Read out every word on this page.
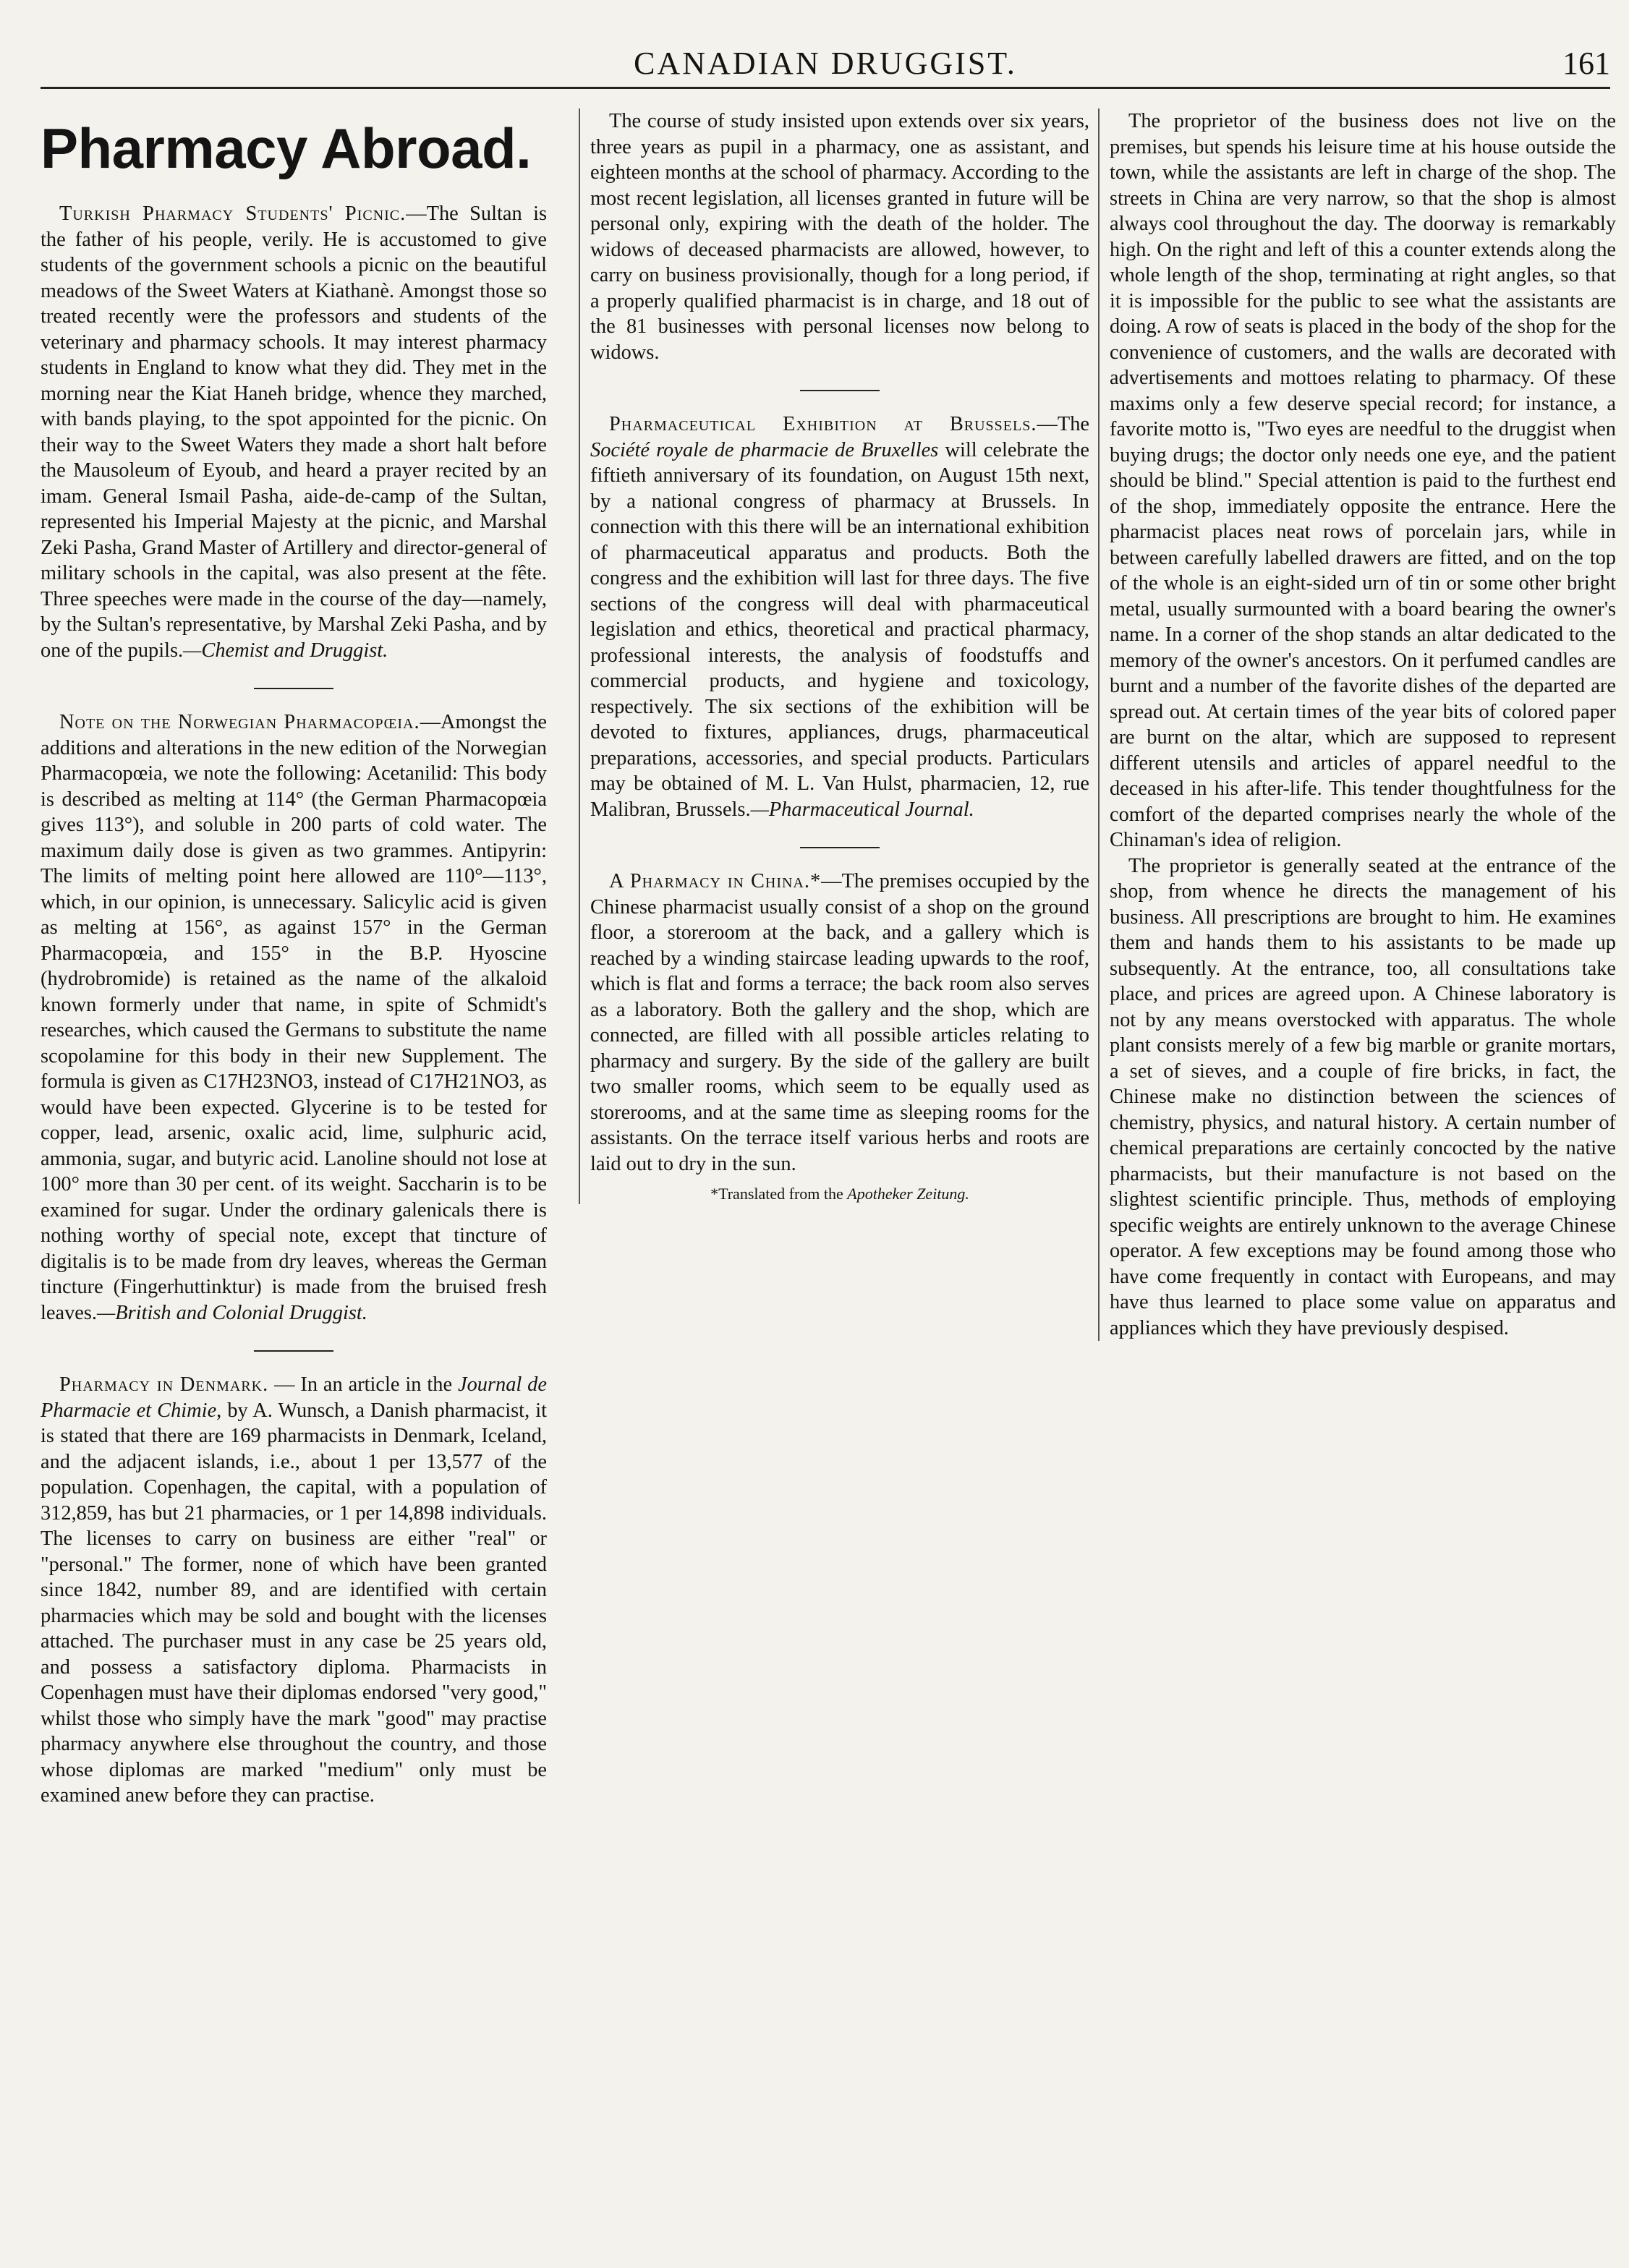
CANADIAN DRUGGIST.	161
Pharmacy Abroad.

Turkish Pharmacy Students' Picnic.—The Sultan is the father of his people, verily. He is accustomed to give students of the government schools a picnic on the beautiful meadows of the Sweet Waters at Kiathanè. Amongst those so treated recently were the professors and students of the veterinary and pharmacy schools. It may interest pharmacy students in England to know what they did. They met in the morning near the Kiat Haneh bridge, whence they marched, with bands playing, to the spot appointed for the picnic. On their way to the Sweet Waters they made a short halt before the Mausoleum of Eyoub, and heard a prayer recited by an imam. General Ismail Pasha, aide-de-camp of the Sultan, represented his Imperial Majesty at the picnic, and Marshal Zeki Pasha, Grand Master of Artillery and director-general of military schools in the capital, was also present at the fête. Three speeches were made in the course of the day—namely, by the Sultan's representative, by Marshal Zeki Pasha, and by one of the pupils.—Chemist and Druggist.

Note on the Norwegian Pharmacopœia.—Amongst the additions and alterations in the new edition of the Norwegian Pharmacopœia, we note the following: Acetanilid: This body is described as melting at 114° (the German Pharmacopœia gives 113°), and soluble in 200 parts of cold water. The maximum daily dose is given as two grammes. Antipyrin: The limits of melting point here allowed are 110°—113°, which, in our opinion, is unnecessary. Salicylic acid is given as melting at 156°, as against 157° in the German Pharmacopœia, and 155° in the B.P. Hyoscine (hydrobromide) is retained as the name of the alkaloid known formerly under that name, in spite of Schmidt's researches, which caused the Germans to substitute the name scopolamine for this body in their new Supplement. The formula is given as C17H23NO3, instead of C17H21NO3, as would have been expected. Glycerine is to be tested for copper, lead, arsenic, oxalic acid, lime, sulphuric acid, ammonia, sugar, and butyric acid. Lanoline should not lose at 100° more than 30 per cent. of its weight. Saccharin is to be examined for sugar. Under the ordinary galenicals there is nothing worthy of special note, except that tincture of digitalis is to be made from dry leaves, whereas the German tincture (Fingerhuttinktur) is made from the bruised fresh leaves.—British and Colonial Druggist.

Pharmacy in Denmark. — In an article in the Journal de Pharmacie et Chimie, by A. Wunsch, a Danish pharmacist, it is stated that there are 169 pharmacists in Denmark, Iceland, and the adjacent islands, i.e., about 1 per 13,577 of the population. Copenhagen, the capital, with a population of 312,859, has but 21 pharmacies, or 1 per 14,898 individuals. The licenses to carry on business are either "real" or "personal." The former, none of which have been granted since 1842, number 89, and are identified with certain pharmacies which may be sold and bought with the licenses attached. The purchaser must in any case be 25 years old, and possess a satisfactory diploma. Pharmacists in Copenhagen must have their diplomas endorsed "very good," whilst those who simply have the mark "good" may practise pharmacy anywhere else throughout the country, and those whose diplomas are marked "medium" only must be examined anew before they can practise.

The course of study insisted upon extends over six years, three years as pupil in a pharmacy, one as assistant, and eighteen months at the school of pharmacy. According to the most recent legislation, all licenses granted in future will be personal only, expiring with the death of the holder. The widows of deceased pharmacists are allowed, however, to carry on business provisionally, though for a long period, if a properly qualified pharmacist is in charge, and 18 out of the 81 businesses with personal licenses now belong to widows.

Pharmaceutical Exhibition at Brussels.—The Société royale de pharmacie de Bruxelles will celebrate the fiftieth anniversary of its foundation, on August 15th next, by a national congress of pharmacy at Brussels. In connection with this there will be an international exhibition of pharmaceutical apparatus and products. Both the congress and the exhibition will last for three days. The five sections of the congress will deal with pharmaceutical legislation and ethics, theoretical and practical pharmacy, professional interests, the analysis of foodstuffs and commercial products, and hygiene and toxicology, respectively. The six sections of the exhibition will be devoted to fixtures, appliances, drugs, pharmaceutical preparations, accessories, and special products. Particulars may be obtained of M. L. Van Hulst, pharmacien, 12, rue Malibran, Brussels.—Pharmaceutical Journal.

A Pharmacy in China.*—The premises occupied by the Chinese pharmacist usually consist of a shop on the ground floor, a storeroom at the back, and a gallery which is reached by a winding staircase leading upwards to the roof, which is flat and forms a terrace; the back room also serves as a laboratory. Both the gallery and the shop, which are connected, are filled with all possible articles relating to pharmacy and surgery. By the side of the gallery are built two smaller rooms, which seem to be equally used as storerooms, and at the same time as sleeping rooms for the assistants. On the terrace itself various herbs and roots are laid out to dry in the sun.

*Translated from the Apotheker Zeitung.

The proprietor of the business does not live on the premises, but spends his leisure time at his house outside the town, while the assistants are left in charge of the shop. The streets in China are very narrow, so that the shop is almost always cool throughout the day. The doorway is remarkably high. On the right and left of this a counter extends along the whole length of the shop, terminating at right angles, so that it is impossible for the public to see what the assistants are doing. A row of seats is placed in the body of the shop for the convenience of customers, and the walls are decorated with advertisements and mottoes relating to pharmacy. Of these maxims only a few deserve special record; for instance, a favorite motto is, "Two eyes are needful to the druggist when buying drugs; the doctor only needs one eye, and the patient should be blind." Special attention is paid to the furthest end of the shop, immediately opposite the entrance. Here the pharmacist places neat rows of porcelain jars, while in between carefully labelled drawers are fitted, and on the top of the whole is an eight-sided urn of tin or some other bright metal, usually surmounted with a board bearing the owner's name. In a corner of the shop stands an altar dedicated to the memory of the owner's ancestors. On it perfumed candles are burnt and a number of the favorite dishes of the departed are spread out. At certain times of the year bits of colored paper are burnt on the altar, which are supposed to represent different utensils and articles of apparel needful to the deceased in his after-life. This tender thoughtfulness for the comfort of the departed comprises nearly the whole of the Chinaman's idea of religion.

The proprietor is generally seated at the entrance of the shop, from whence he directs the management of his business. All prescriptions are brought to him. He examines them and hands them to his assistants to be made up subsequently. At the entrance, too, all consultations take place, and prices are agreed upon. A Chinese laboratory is not by any means overstocked with apparatus. The whole plant consists merely of a few big marble or granite mortars, a set of sieves, and a couple of fire bricks, in fact, the Chinese make no distinction between the sciences of chemistry, physics, and natural history. A certain number of chemical preparations are certainly concocted by the native pharmacists, but their manufacture is not based on the slightest scientific principle. Thus, methods of employing specific weights are entirely unknown to the average Chinese operator. A few exceptions may be found among those who have come frequently in contact with Europeans, and may have thus learned to place some value on apparatus and appliances which they have previously despised.
